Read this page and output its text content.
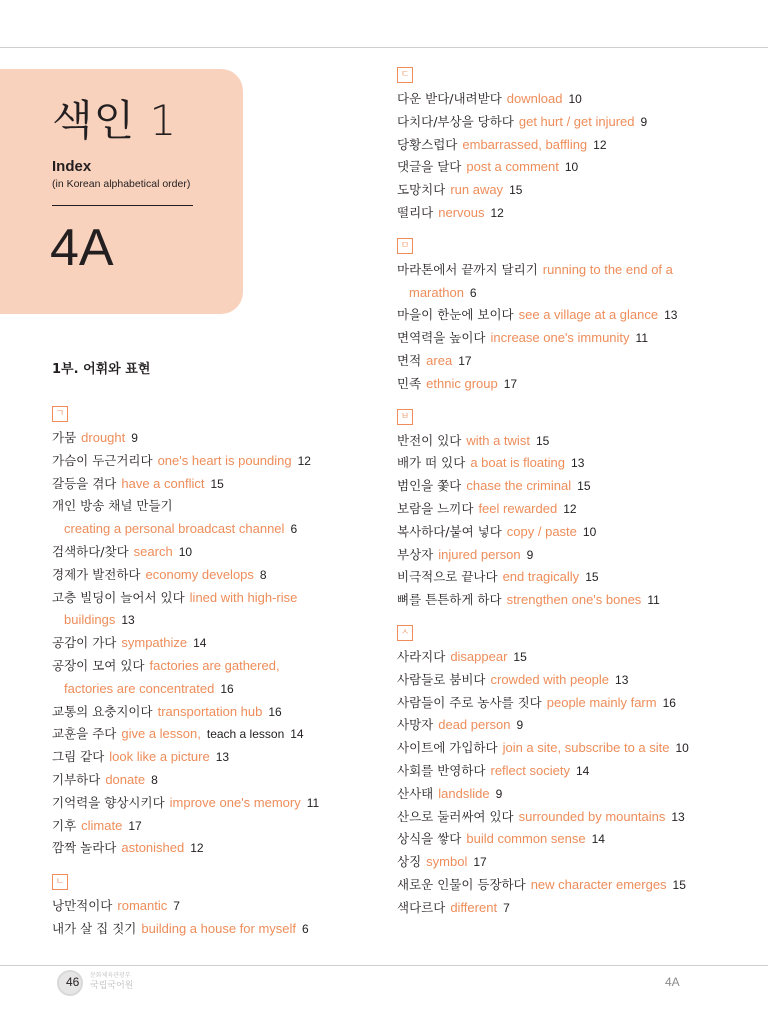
색인 1
Index
(in Korean alphabetical order)
4A
1부. 어휘와 표현
ㄱ
가뭄 drought 9
가슴이 두근거리다 one's heart is pounding 12
갈등을 겪다 have a conflict 15
개인 방송 채널 만들기
creating a personal broadcast channel 6
검색하다/찾다 search 10
경제가 발전하다 economy develops 8
고층 빌딩이 늘어서 있다 lined with high-rise
buildings 13
공감이 가다 sympathize 14
공장이 모여 있다 factories are gathered,
factories are concentrated 16
교통의 요충지이다 transportation hub 16
교훈을 주다 give a lesson, teach a lesson 14
그림 같다 look like a picture 13
기부하다 donate 8
기억력을 향상시키다 improve one's memory 11
기후 climate 17
깜짝 놀라다 astonished 12
ㄴ
낭만적이다 romantic 7
내가 살 집 짓기 building a house for myself 6
ㄷ
다운 받다/내려받다 download 10
다치다/부상을 당하다 get hurt / get injured 9
당황스럽다 embarrassed, baffling 12
댓글을 달다 post a comment 10
도망치다 run away 15
떨리다 nervous 12
ㅁ
마라톤에서 끝까지 달리기 running to the end of a
marathon 6
마을이 한눈에 보이다 see a village at a glance 13
면역력을 높이다 increase one's immunity 11
면적 area 17
민족 ethnic group 17
ㅂ
반전이 있다 with a twist 15
배가 떠 있다 a boat is floating 13
범인을 쫓다 chase the criminal 15
보람을 느끼다 feel rewarded 12
복사하다/붙여 넣다 copy / paste 10
부상자 injured person 9
비극적으로 끝나다 end tragically 15
뼈를 튼튼하게 하다 strengthen one's bones 11
ㅅ
사라지다 disappear 15
사람들로 붐비다 crowded with people 13
사람들이 주로 농사를 짓다 people mainly farm 16
사망자 dead person 9
사이트에 가입하다 join a site, subscribe to a site 10
사회를 반영하다 reflect society 14
산사태 landslide 9
산으로 둘러싸여 있다 surrounded by mountains 13
상식을 쌓다 build common sense 14
상징 symbol 17
새로운 인물이 등장하다 new character emerges 15
색다르다 different 7
46 문화체육관광부
국립국어원	4A
